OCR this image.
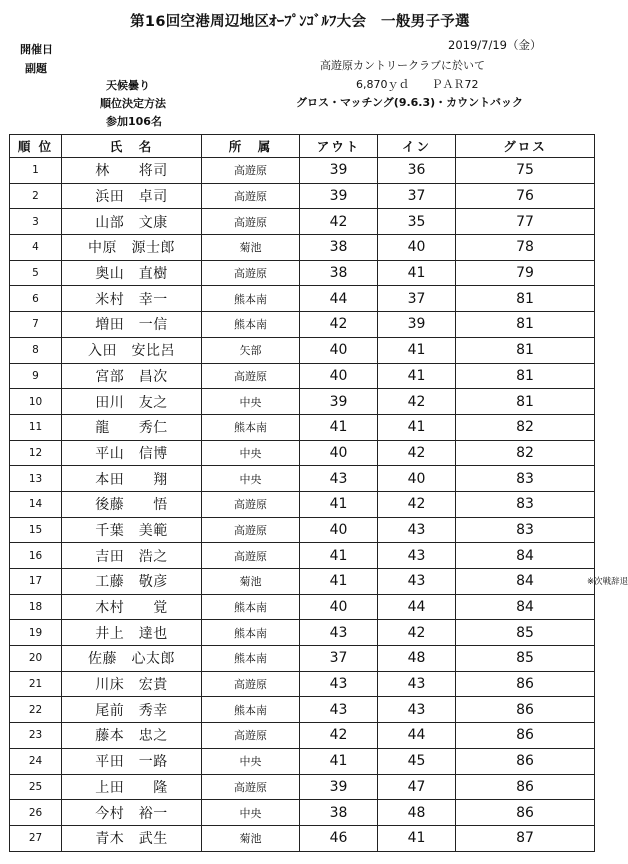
第16回空港周辺地区ｵｰﾌﾟﾝｺﾞﾙﾌ大会　一般男子予選
開催日	2019/7/19（金）
副題	高遊原カントリークラブに於いて
天候曇り	6,870ｙｄ　　ＰＡＲ72
順位決定方法	グロス・マッチング(9.6.3)・カウントバック
参加106名
順 位	氏　名	所　属	アウト	イン	グロス
1	林　　将司	高遊原	39	36	75
2	浜田　卓司	高遊原	39	37	76
3	山部　文康	高遊原	42	35	77
4	中原　源士郎	菊池	38	40	78
5	奥山　直樹	高遊原	38	41	79
6	米村　幸一	熊本南	44	37	81
7	増田　一信	熊本南	42	39	81
8	入田　安比呂	矢部	40	41	81
9	宮部　昌次	高遊原	40	41	81
10	田川　友之	中央	39	42	81
11	龍　　秀仁	熊本南	41	41	82
12	平山　信博	中央	40	42	82
13	本田　　翔	中央	43	40	83
14	後藤　　悟	高遊原	41	42	83
15	千葉　美範	高遊原	40	43	83
16	吉田　浩之	高遊原	41	43	84
17	工藤　敬彦	菊池	41	43	84 ※次戦辞退

18	木村　　覚	熊本南	40	44	84
19	井上　達也	熊本南	43	42	85
20	佐藤　心太郎	熊本南	37	48	85
21	川床　宏貴	高遊原	43	43	86
22	尾前　秀幸	熊本南	43	43	86
23	藤本　忠之	高遊原	42	44	86
24	平田　一路	中央	41	45	86
25	上田　　隆	高遊原	39	47	86
26	今村　裕一	中央	38	48	86
27	青木　武生	菊池	46	41	87
